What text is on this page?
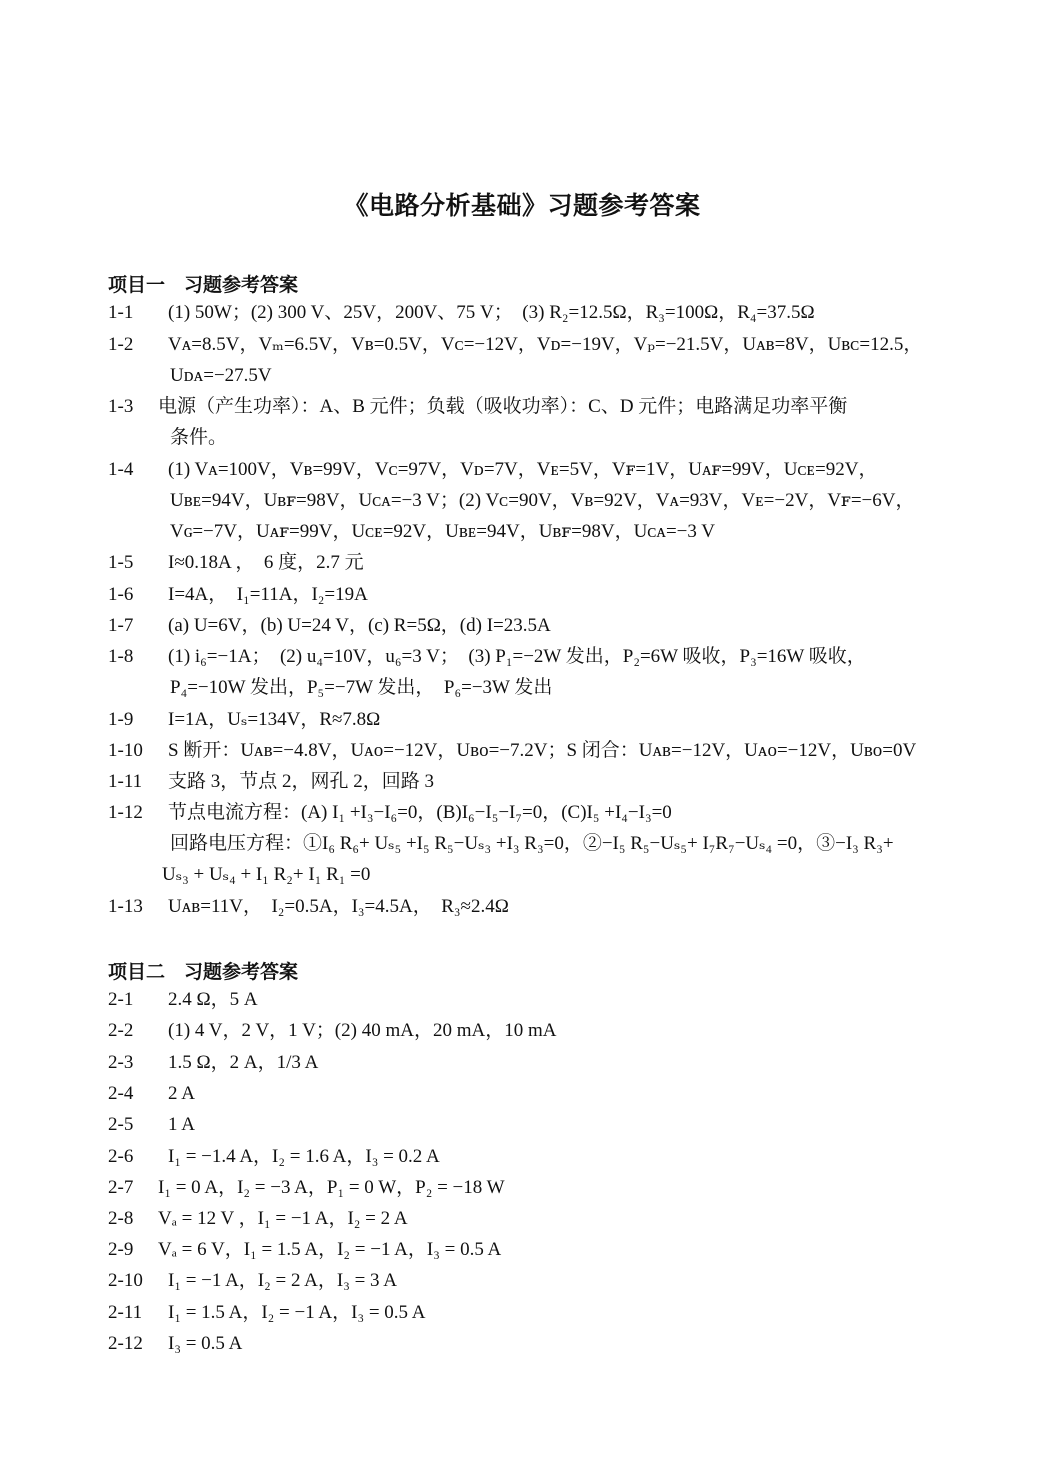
《电路分析基础》习题参考答案
项目一　习题参考答案
1-1 (1) 50W；(2) 300 V、25V，200V、75 V；　(3) R₂=12.5Ω，R₃=100Ω，R₄=37.5Ω
1-2 Vᴀ=8.5V，Vₘ=6.5V，Vʙ=0.5V，Vᴄ=−12V，Vᴅ=−19V，Vₚ=−21.5V，Uᴀʙ=8V，Uʙᴄ=12.5，
Uᴅᴀ=−27.5V
1-3 电源（产生功率）：A、B 元件；负载（吸收功率）：C、D 元件；电路满足功率平衡
条件。
1-4 (1) Vᴀ=100V，Vʙ=99V，Vᴄ=97V，Vᴅ=7V，Vᴇ=5V，Vꜰ=1V，Uᴀꜰ=99V，Uᴄᴇ=92V，
Uʙᴇ=94V，Uʙꜰ=98V，Uᴄᴀ=−3 V；(2) Vᴄ=90V，Vʙ=92V，Vᴀ=93V，Vᴇ=−2V，Vꜰ=−6V，
Vɢ=−7V，Uᴀꜰ=99V，Uᴄᴇ=92V，Uʙᴇ=94V，Uʙꜰ=98V，Uᴄᴀ=−3 V
1-5 I≈0.18A ，　6 度，2.7 元
1-6 I=4A，　I₁=11A，I₂=19A
1-7 (a) U=6V，(b) U=24 V，(c) R=5Ω，(d) I=23.5A
1-8 (1) i₆=−1A；　(2) u₄=10V，u₆=3 V；　(3) P₁=−2W 发出，P₂=6W 吸收，P₃=16W 吸收，
P₄=−10W 发出，P₅=−7W 发出，　P₆=−3W 发出
1-9 I=1A，Uₛ=134V，R≈7.8Ω
1-10 S 断开：Uᴀʙ=−4.8V，Uᴀᴏ=−12V，Uʙᴏ=−7.2V；S 闭合：Uᴀʙ=−12V，Uᴀᴏ=−12V，Uʙᴏ=0V
1-11 支路 3，节点 2，网孔 2，回路 3
1-12 节点电流方程：(A) I₁ +I₃−I₆=0，(B)I₆−I₅−I₇=0，(C)I₅ +I₄−I₃=0
回路电压方程：①I₆ R₆+ Uₛ₅ +I₅ R₅−Uₛ₃ +I₃ R₃=0，②−I₅ R₅−Uₛ₅+ I₇R₇−Uₛ₄ =0，③−I₃ R₃+
Uₛ₃ + Uₛ₄ + I₁ R₂+ I₁ R₁ =0
1-13 Uᴀʙ=11V，　I₂=0.5A，I₃=4.5A，　R₃≈2.4Ω
项目二　习题参考答案
2-1 2.4 Ω，5 A
2-2 (1) 4 V，2 V，1 V；(2) 40 mA，20 mA，10 mA
2-3 1.5 Ω，2 A，1/3 A
2-4 2 A
2-5 1 A
2-6 I₁ = −1.4 A，I₂ = 1.6 A，I₃ = 0.2 A
2-7 I₁ = 0 A，I₂ = −3 A，P₁ = 0 W，P₂ = −18 W
2-8 Vₐ = 12 V ，I₁ = −1 A，I₂ = 2 A
2-9 Vₐ = 6 V，I₁ = 1.5 A，I₂ = −1 A，I₃ = 0.5 A
2-10 I₁ = −1 A，I₂ = 2 A，I₃ = 3 A
2-11 I₁ = 1.5 A，I₂ = −1 A，I₃ = 0.5 A
2-12 I₃ = 0.5 A
